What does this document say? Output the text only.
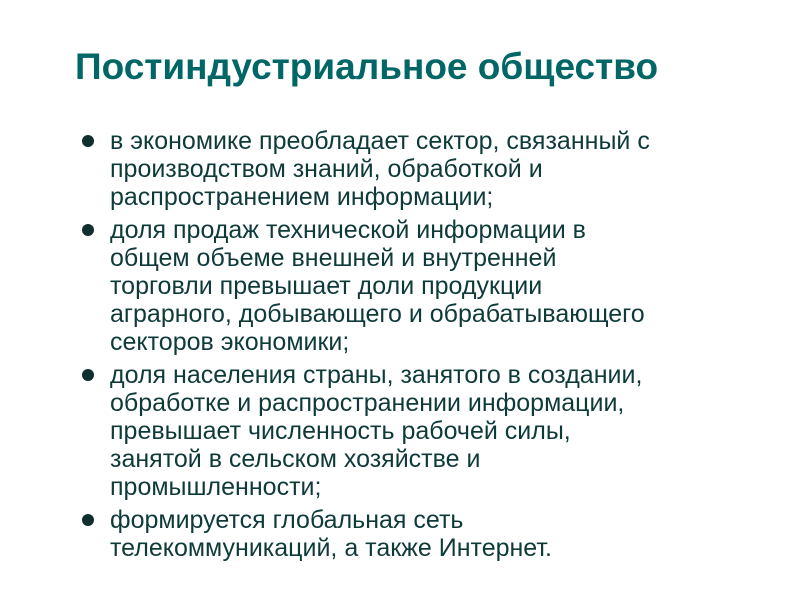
Постиндустриальное общество
в экономике преобладает сектор, связанный с
производством знаний, обработкой и
распространением информации;
доля продаж технической информации в
общем объеме внешней и внутренней
торговли превышает доли продукции
аграрного, добывающего и обрабатывающего
секторов экономики;
доля населения страны, занятого в создании,
обработке и распространении информации,
превышает численность рабочей силы,
занятой в сельском хозяйстве и
промышленности;
формируется глобальная сеть
телекоммуникаций, а также Интернет.
